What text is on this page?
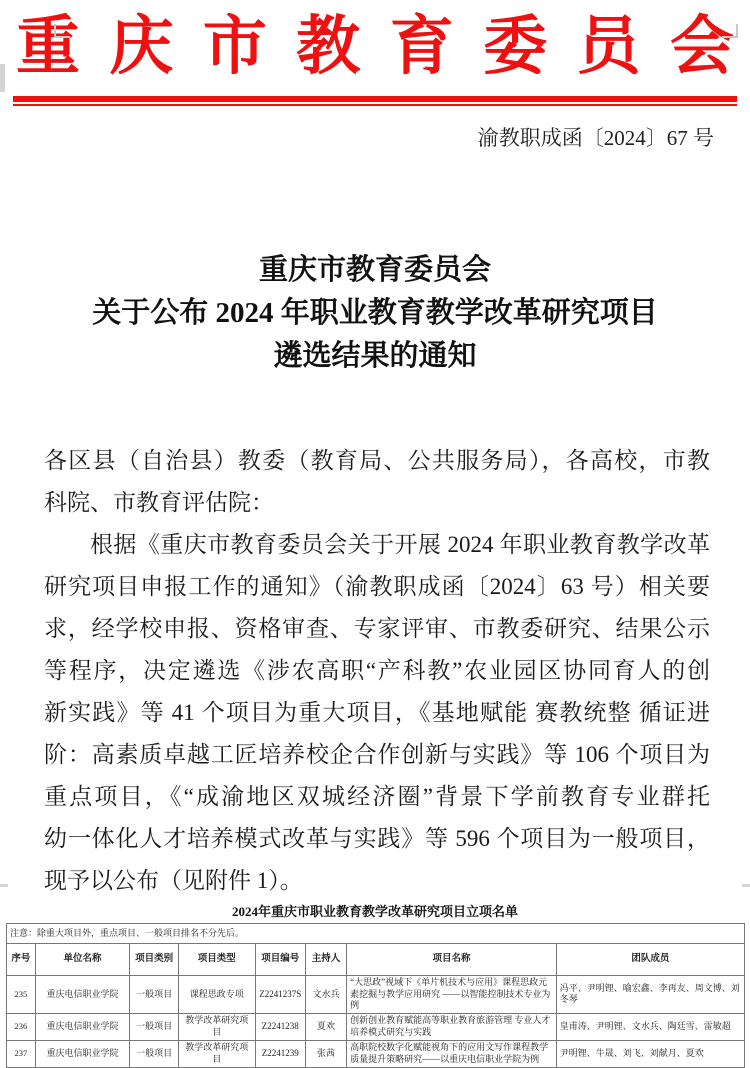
重庆市教育委员会
渝教职成函〔2024〕67 号
重庆市教育委员会
关于公布 2024 年职业教育教学改革研究项目
遴选结果的通知
各区县（自治县）教委（教育局、公共服务局），各高校，市教
科院、市教育评估院：
根据《重庆市教育委员会关于开展 2024 年职业教育教学改革
研究项目申报工作的通知》（渝教职成函〔2024〕63 号）相关要
求，经学校申报、资格审查、专家评审、市教委研究、结果公示
等程序，决定遴选《涉农高职“产科教”农业园区协同育人的创
新实践》等 41 个项目为重大项目，《基地赋能 赛教统整 循证进
阶：高素质卓越工匠培养校企合作创新与实践》等 106 个项目为
重点项目，《“成渝地区双城经济圈”背景下学前教育专业群托
幼一体化人才培养模式改革与实践》等 596 个项目为一般项目，
现予以公布（见附件 1）。
2024年重庆市职业教育教学改革研究项目立项名单
注意：除重大项目外，重点项目、一般项目排名不分先后。							
序号	单位名称	项目类别	项目类型	项目编号	主持人	项目名称	团队成员
235	重庆电信职业学院	一般项目	课程思政专项	Z2241237S	文水兵	“大思政”视域下《单片机技术与应用》课程思政元素挖掘与教学应用研究 ——以智能控制技术专业为例	冯平、尹明锂、喻宏鑫、李再友、周文博、刘冬琴
236	重庆电信职业学院	一般项目	教学改革研究项目	Z2241238	夏欢	创新创业教育赋能高等职业教育旅游管理 专业人才培养模式研究与实践	皇甫涛、尹明锂、文水兵、陶廷雪、雷敏超
237	重庆电信职业学院	一般项目	教学改革研究项目	Z2241239	张茜	高职院校数字化赋能视角下的应用文写作课程教学质量提升策略研究——以重庆电信职业学院为例	尹明锂、牛晟、刘飞、刘献月、夏欢
